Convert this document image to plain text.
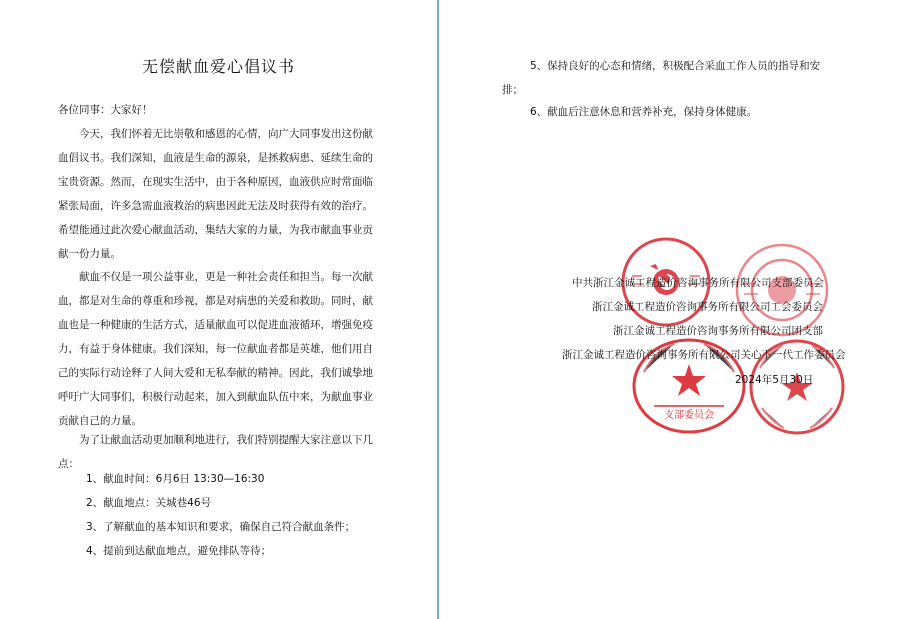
无偿献血爱心倡议书

各位同事：大家好！

今天，我们怀着无比崇敬和感恩的心情，向广大同事发出这份献血倡议书。我们深知，血液是生命的源泉，是拯救病患、延续生命的宝贵资源。然而，在现实生活中，由于各种原因，血液供应时常面临紧张局面，许多急需血液救治的病患因此无法及时获得有效的治疗。希望能通过此次爱心献血活动，集结大家的力量，为我市献血事业贡献一份力量。

献血不仅是一项公益事业，更是一种社会责任和担当。每一次献血，都是对生命的尊重和珍视，都是对病患的关爱和救助。同时，献血也是一种健康的生活方式，适量献血可以促进血液循环，增强免疫力，有益于身体健康。我们深知，每一位献血者都是英雄，他们用自己的实际行动诠释了人间大爱和无私奉献的精神。因此，我们诚挚地呼吁广大同事们，积极行动起来，加入到献血队伍中来，为献血事业贡献自己的力量。

为了让献血活动更加顺利地进行，我们特别提醒大家注意以下几点：

1、献血时间：6月6日 13:30—16:30

2、献血地点：关城巷46号

3、了解献血的基本知识和要求，确保自己符合献血条件；

4、提前到达献血地点，避免排队等待；

5、保持良好的心态和情绪，积极配合采血工作人员的指导和安排；

6、献血后注意休息和营养补充，保持身体健康。

支部委员会
中共浙江金诚工程造价咨询事务所有限公司支部委员会
浙江金诚工程造价咨询事务所有限公司工会委员会
浙江金诚工程造价咨询事务所有限公司团支部
浙江金诚工程造价咨询事务所有限公司关心下一代工作委员会
2024年5月30日
